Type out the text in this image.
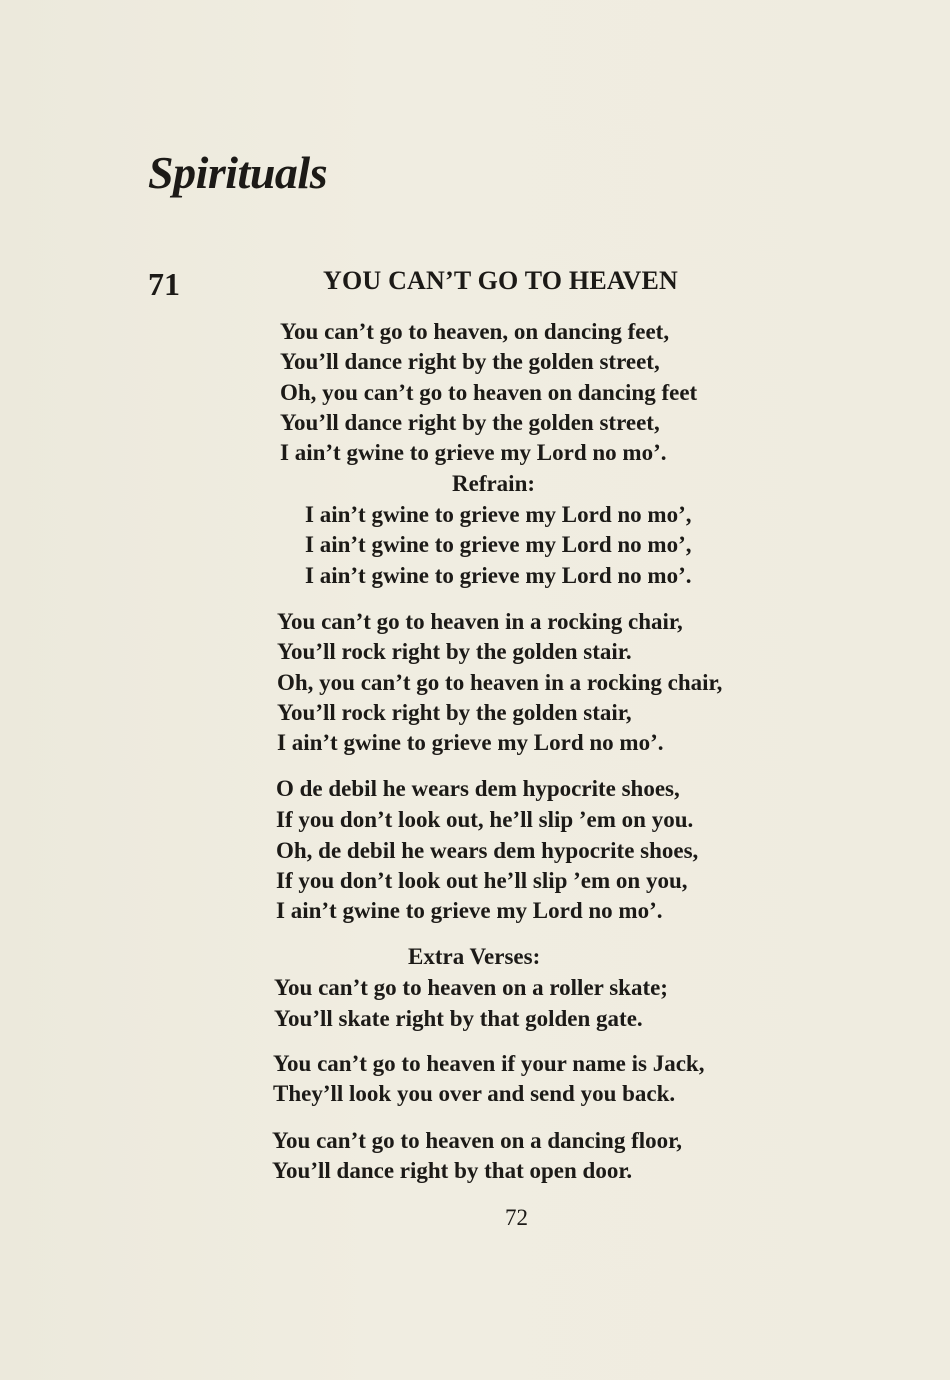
Spirituals
71	YOU CAN’T GO TO HEAVEN
You can’t go to heaven, on dancing feet,
You’ll dance right by the golden street,
Oh, you can’t go to heaven on dancing feet
You’ll dance right by the golden street,
I ain’t gwine to grieve my Lord no mo’.
Refrain:
I ain’t gwine to grieve my Lord no mo’,
I ain’t gwine to grieve my Lord no mo’,
I ain’t gwine to grieve my Lord no mo’.
You can’t go to heaven in a rocking chair,
You’ll rock right by the golden stair.
Oh, you can’t go to heaven in a rocking chair,
You’ll rock right by the golden stair,
I ain’t gwine to grieve my Lord no mo’.
O de debil he wears dem hypocrite shoes,
If you don’t look out, he’ll slip ’em on you.
Oh, de debil he wears dem hypocrite shoes,
If you don’t look out he’ll slip ’em on you,
I ain’t gwine to grieve my Lord no mo’.
Extra Verses:
You can’t go to heaven on a roller skate;
You’ll skate right by that golden gate.
You can’t go to heaven if your name is Jack,
They’ll look you over and send you back.
You can’t go to heaven on a dancing floor,
You’ll dance right by that open door.
72
